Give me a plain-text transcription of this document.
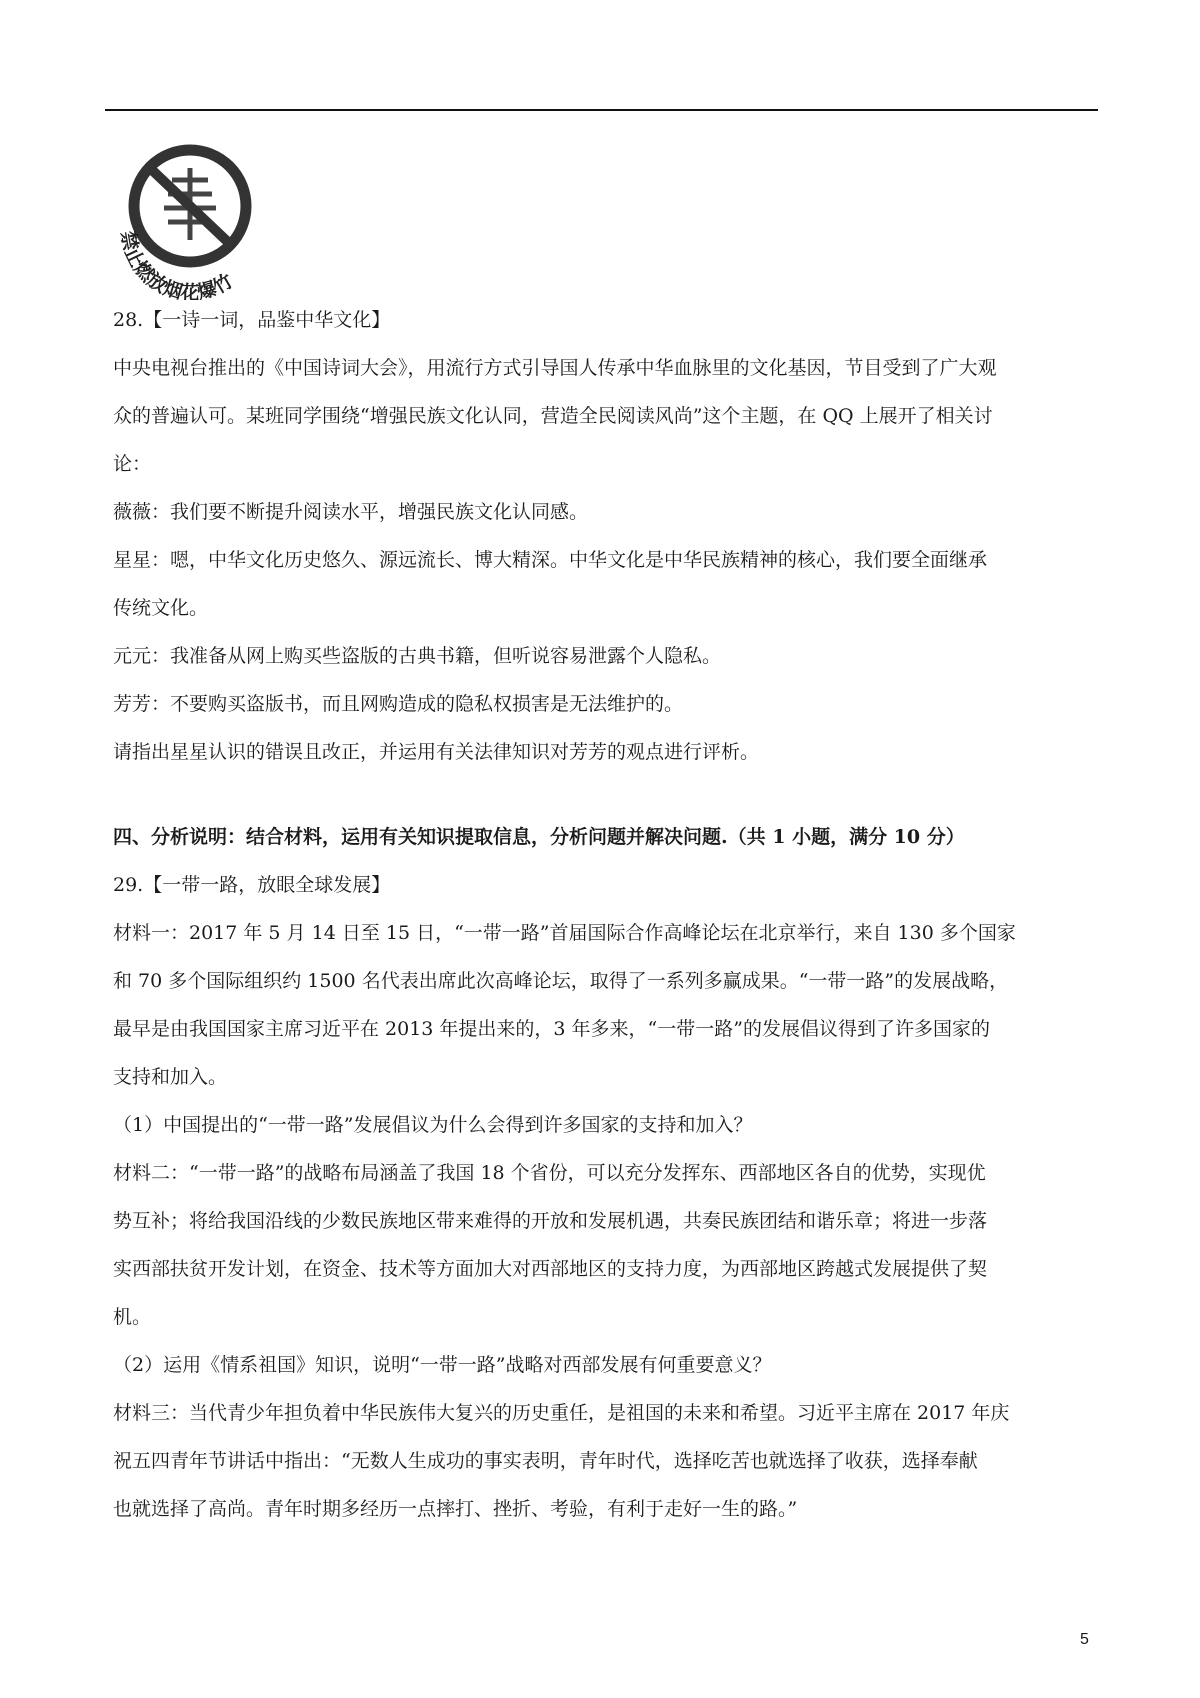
禁止燃放烟花爆竹

28.【一诗一词，品鉴中华文化】

中央电视台推出的《中国诗词大会》，用流行方式引导国人传承中华血脉里的文化基因，节目受到了广大观

众的普遍认可。某班同学围绕“增强民族文化认同，营造全民阅读风尚”这个主题，在 QQ 上展开了相关讨

论：

薇薇：我们要不断提升阅读水平，增强民族文化认同感。

星星：嗯，中华文化历史悠久、源远流长、博大精深。中华文化是中华民族精神的核心，我们要全面继承

传统文化。

元元：我准备从网上购买些盗版的古典书籍，但听说容易泄露个人隐私。

芳芳：不要购买盗版书，而且网购造成的隐私权损害是无法维护的。

请指出星星认识的错误且改正，并运用有关法律知识对芳芳的观点进行评析。

四、分析说明：结合材料，运用有关知识提取信息，分析问题并解决问题.（共 1 小题，满分 10 分）

29.【一带一路，放眼全球发展】

材料一：2017 年 5 月 14 日至 15 日，“一带一路”首届国际合作高峰论坛在北京举行，来自 130 多个国家

和 70 多个国际组织约 1500 名代表出席此次高峰论坛，取得了一系列多赢成果。“一带一路”的发展战略，

最早是由我国国家主席习近平在 2013 年提出来的，3 年多来，“一带一路”的发展倡议得到了许多国家的

支持和加入。

（1）中国提出的“一带一路”发展倡议为什么会得到许多国家的支持和加入？

材料二：“一带一路”的战略布局涵盖了我国 18 个省份，可以充分发挥东、西部地区各自的优势，实现优

势互补；将给我国沿线的少数民族地区带来难得的开放和发展机遇，共奏民族团结和谐乐章；将进一步落

实西部扶贫开发计划，在资金、技术等方面加大对西部地区的支持力度，为西部地区跨越式发展提供了契

机。

（2）运用《情系祖国》知识，说明“一带一路”战略对西部发展有何重要意义？

材料三：当代青少年担负着中华民族伟大复兴的历史重任，是祖国的未来和希望。习近平主席在 2017 年庆

祝五四青年节讲话中指出：“无数人生成功的事实表明，青年时代，选择吃苦也就选择了收获，选择奉献

也就选择了高尚。青年时期多经历一点摔打、挫折、考验，有利于走好一生的路。”

5
